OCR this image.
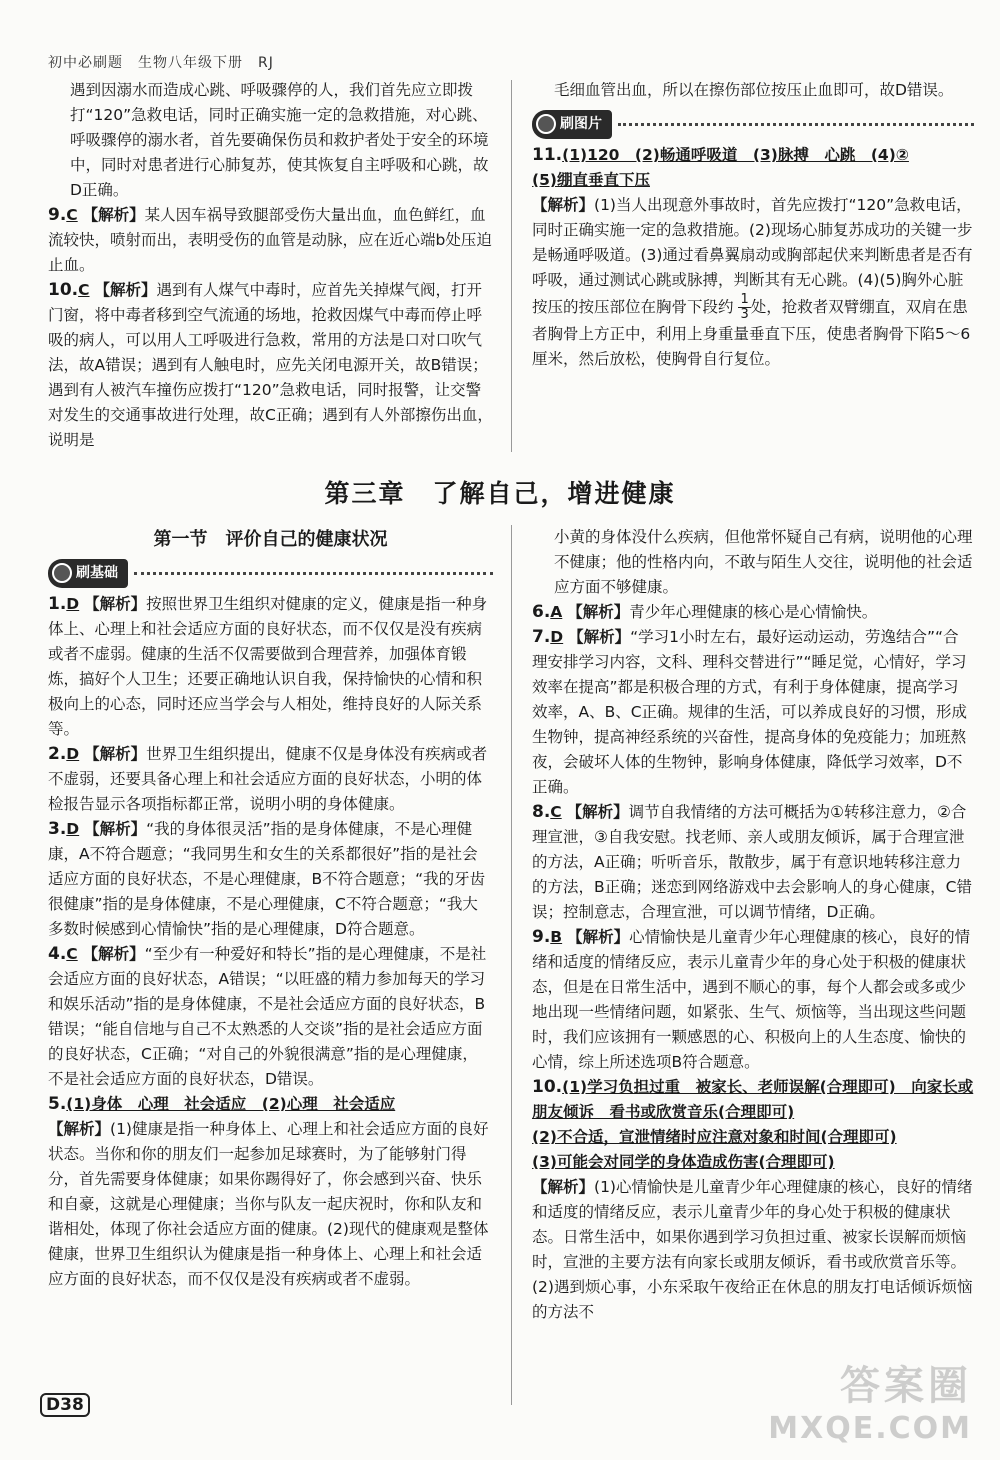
初中必刷题　生物八年级下册　RJ

遇到因溺水而造成心跳、呼吸骤停的人，我们首先应立即拨打“120”急救电话，同时正确实施一定的急救措施，对心跳、呼吸骤停的溺水者，首先要确保伤员和救护者处于安全的环境中，同时对患者进行心肺复苏，使其恢复自主呼吸和心跳，故D正确。

9.C 【解析】某人因车祸导致腿部受伤大量出血，血色鲜红，血流较快，喷射而出，表明受伤的血管是动脉，应在近心端b处压迫止血。

10.C 【解析】遇到有人煤气中毒时，应首先关掉煤气阀，打开门窗，将中毒者移到空气流通的场地，抢救因煤气中毒而停止呼吸的病人，可以用人工呼吸进行急救，常用的方法是口对口吹气法，故A错误；遇到有人触电时，应先关闭电源开关，故B错误；遇到有人被汽车撞伤应拨打“120”急救电话，同时报警，让交警对发生的交通事故进行处理，故C正确；遇到有人外部擦伤出血，说明是

毛细血管出血，所以在擦伤部位按压止血即可，故D错误。

刷图片

11.(1)120　(2)畅通呼吸道　(3)脉搏　心跳　(4)②
(5)绷直垂直下压
【解析】(1)当人出现意外事故时，首先应拨打“120”急救电话，同时正确实施一定的急救措施。(2)现场心肺复苏成功的关键一步是畅通呼吸道。(3)通过看鼻翼扇动或胸部起伏来判断患者是否有呼吸，通过测试心跳或脉搏，判断其有无心跳。(4)(5)胸外心脏按压的按压部位在胸骨下段约 $\frac{1}{3}$ 处，抢救者双臂绷直，双肩在患者胸骨上方正中，利用上身重量垂直下压，使患者胸骨下陷5～6厘米，然后放松，使胸骨自行复位。

第三章　了解自己，增进健康
第一节　评价自己的健康状况
刷基础

1.D 【解析】按照世界卫生组织对健康的定义，健康是指一种身体上、心理上和社会适应方面的良好状态，而不仅仅是没有疾病或者不虚弱。健康的生活不仅需要做到合理营养，加强体育锻炼，搞好个人卫生；还要正确地认识自我，保持愉快的心情和积极向上的心态，同时还应当学会与人相处，维持良好的人际关系等。

2.D 【解析】世界卫生组织提出，健康不仅是身体没有疾病或者不虚弱，还要具备心理上和社会适应方面的良好状态，小明的体检报告显示各项指标都正常，说明小明的身体健康。

3.D 【解析】“我的身体很灵活”指的是身体健康，不是心理健康，A不符合题意；“我同男生和女生的关系都很好”指的是社会适应方面的良好状态，不是心理健康，B不符合题意；“我的牙齿很健康”指的是身体健康，不是心理健康，C不符合题意；“我大多数时候感到心情愉快”指的是心理健康，D符合题意。

4.C 【解析】“至少有一种爱好和特长”指的是心理健康，不是社会适应方面的良好状态，A错误；“以旺盛的精力参加每天的学习和娱乐活动”指的是身体健康，不是社会适应方面的良好状态，B错误；“能自信地与自己不太熟悉的人交谈”指的是社会适应方面的良好状态，C正确；“对自己的外貌很满意”指的是心理健康，不是社会适应方面的良好状态，D错误。

5.(1)身体　心理　社会适应　(2)心理　社会适应
【解析】(1)健康是指一种身体上、心理上和社会适应方面的良好状态。当你和你的朋友们一起参加足球赛时，为了能够射门得分，首先需要身体健康；如果你踢得好了，你会感到兴奋、快乐和自豪，这就是心理健康；当你与队友一起庆祝时，你和队友和谐相处，体现了你社会适应方面的健康。(2)现代的健康观是整体健康，世界卫生组织认为健康是指一种身体上、心理上和社会适应方面的良好状态，而不仅仅是没有疾病或者不虚弱。

小黄的身体没什么疾病，但他常怀疑自己有病，说明他的心理不健康；他的性格内向，不敢与陌生人交往，说明他的社会适应方面不够健康。

6.A 【解析】青少年心理健康的核心是心情愉快。

7.D 【解析】“学习1小时左右，最好运动运动，劳逸结合”“合理安排学习内容，文科、理科交替进行”“睡足觉，心情好，学习效率在提高”都是积极合理的方式，有利于身体健康，提高学习效率，A、B、C正确。规律的生活，可以养成良好的习惯，形成生物钟，提高神经系统的兴奋性，提高身体的免疫能力；加班熬夜，会破坏人体的生物钟，影响身体健康，降低学习效率，D不正确。

8.C 【解析】调节自我情绪的方法可概括为①转移注意力，②合理宣泄，③自我安慰。找老师、亲人或朋友倾诉，属于合理宣泄的方法，A正确；听听音乐，散散步，属于有意识地转移注意力的方法，B正确；迷恋到网络游戏中去会影响人的身心健康，C错误；控制意志，合理宣泄，可以调节情绪，D正确。

9.B 【解析】心情愉快是儿童青少年心理健康的核心，良好的情绪和适度的情绪反应，表示儿童青少年的身心处于积极的健康状态，但是在日常生活中，遇到不顺心的事，每个人都会或多或少地出现一些情绪问题，如紧张、生气、烦恼等，当出现这些问题时，我们应该拥有一颗感恩的心、积极向上的人生态度、愉快的心情，综上所述选项B符合题意。

10.(1)学习负担过重　被家长、老师误解(合理即可)　向家长或朋友倾诉　看书或欣赏音乐(合理即可)
(2)不合适，宣泄情绪时应注意对象和时间(合理即可)
(3)可能会对同学的身体造成伤害(合理即可)
【解析】(1)心情愉快是儿童青少年心理健康的核心，良好的情绪和适度的情绪反应，表示儿童青少年的身心处于积极的健康状态。日常生活中，如果你遇到学习负担过重、被家长误解而烦恼时，宣泄的主要方法有向家长或朋友倾诉，看书或欣赏音乐等。(2)遇到烦心事，小东采取午夜给正在休息的朋友打电话倾诉烦恼的方法不

D38	答案圈
MXQE.COM
